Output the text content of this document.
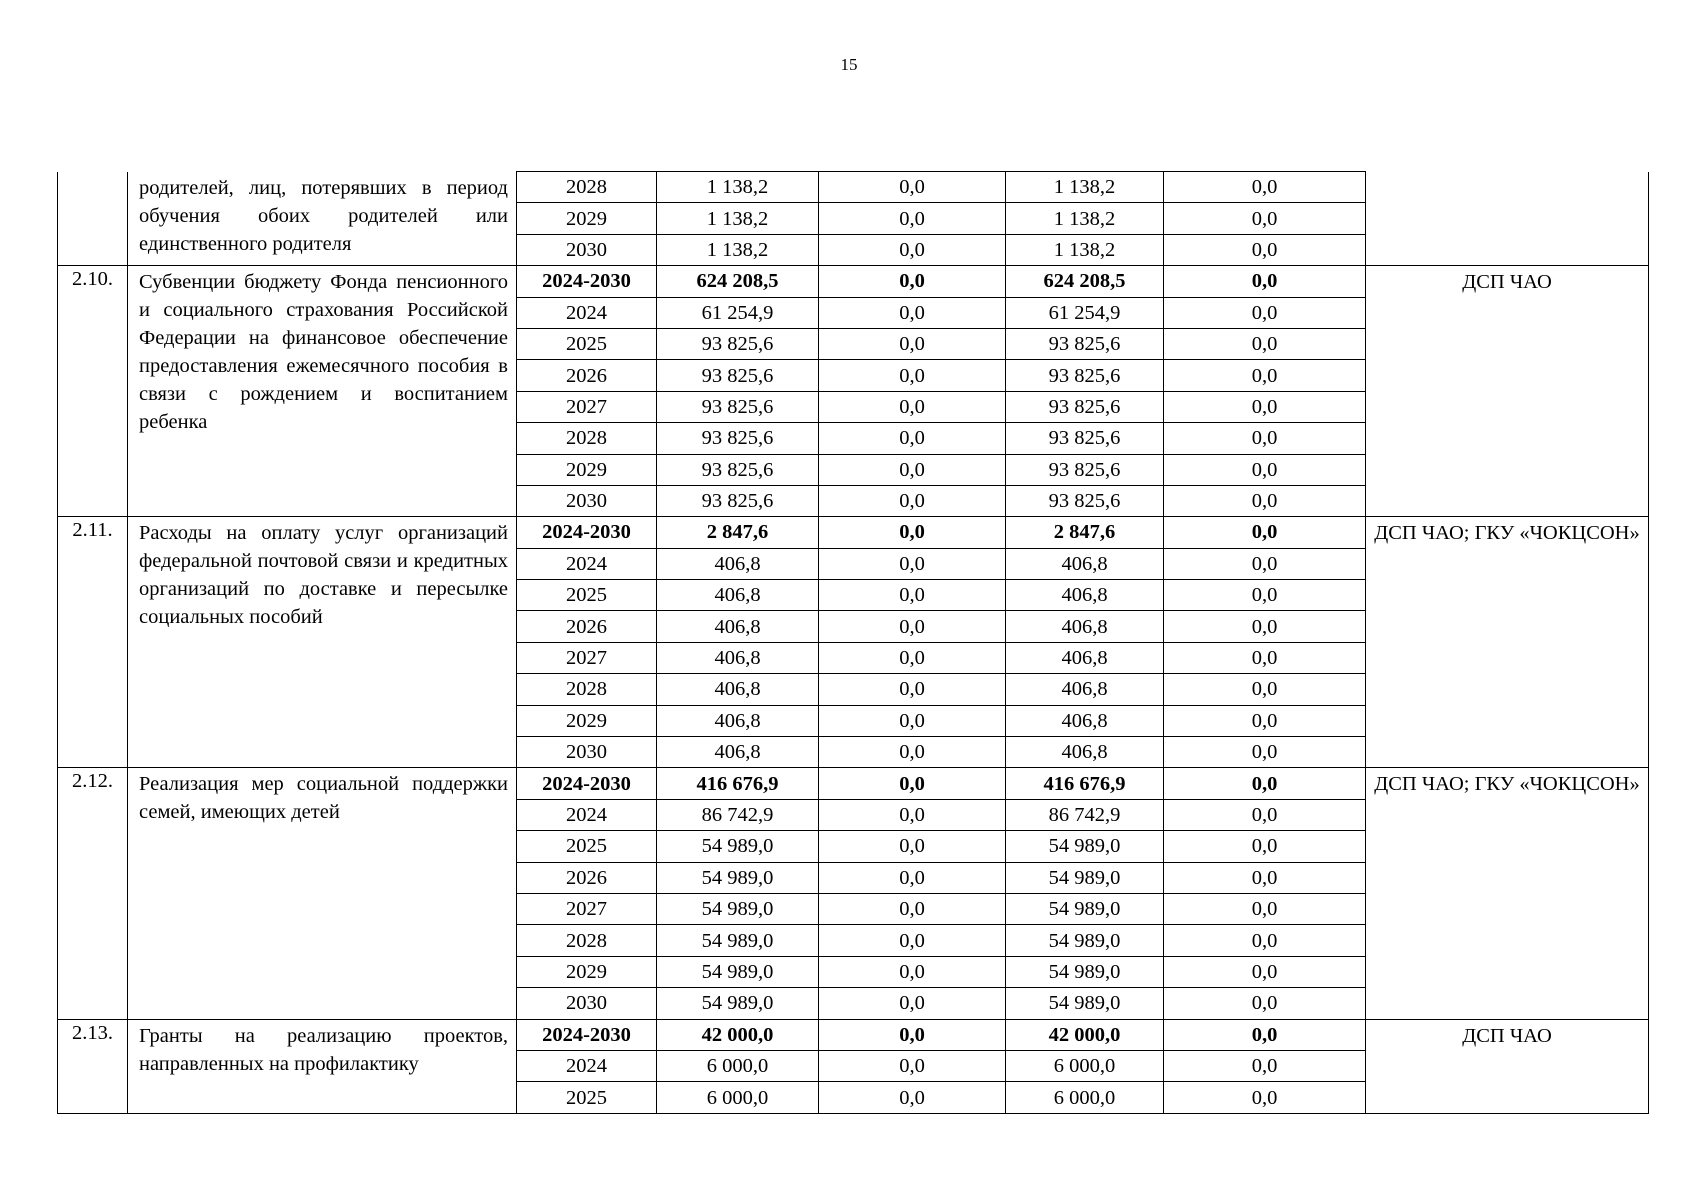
15
	родителей, лиц, потерявших в период обучения обоих родителей или единственного родителя	2028	1 138,2	0,0	1 138,2	0,0	
		2029	1 138,2	0,0	1 138,2	0,0	
		2030	1 138,2	0,0	1 138,2	0,0	
2.10.	Субвенции бюджету Фонда пенсионного и социального страхования Российской Федерации на финансовое обеспечение предоставления ежемесячного пособия в связи с рождением и воспитанием ребенка	2024-2030	624 208,5	0,0	624 208,5	0,0	ДСП ЧАО
		2024	61 254,9	0,0	61 254,9	0,0	
		2025	93 825,6	0,0	93 825,6	0,0	
		2026	93 825,6	0,0	93 825,6	0,0	
		2027	93 825,6	0,0	93 825,6	0,0	
		2028	93 825,6	0,0	93 825,6	0,0	
		2029	93 825,6	0,0	93 825,6	0,0	
		2030	93 825,6	0,0	93 825,6	0,0	
2.11.	Расходы на оплату услуг организаций федеральной почтовой связи и кредитных организаций по доставке и пересылке социальных пособий	2024-2030	2 847,6	0,0	2 847,6	0,0	ДСП ЧАО; ГКУ «ЧОКЦСОН»
		2024	406,8	0,0	406,8	0,0	
		2025	406,8	0,0	406,8	0,0	
		2026	406,8	0,0	406,8	0,0	
		2027	406,8	0,0	406,8	0,0	
		2028	406,8	0,0	406,8	0,0	
		2029	406,8	0,0	406,8	0,0	
		2030	406,8	0,0	406,8	0,0	
2.12.	Реализация мер социальной поддержки семей, имеющих детей	2024-2030	416 676,9	0,0	416 676,9	0,0	ДСП ЧАО; ГКУ «ЧОКЦСОН»
		2024	86 742,9	0,0	86 742,9	0,0	
		2025	54 989,0	0,0	54 989,0	0,0	
		2026	54 989,0	0,0	54 989,0	0,0	
		2027	54 989,0	0,0	54 989,0	0,0	
		2028	54 989,0	0,0	54 989,0	0,0	
		2029	54 989,0	0,0	54 989,0	0,0	
		2030	54 989,0	0,0	54 989,0	0,0	
2.13.	Гранты на реализацию проектов, направленных на профилактику	2024-2030	42 000,0	0,0	42 000,0	0,0	ДСП ЧАО
		2024	6 000,0	0,0	6 000,0	0,0	
		2025	6 000,0	0,0	6 000,0	0,0	
